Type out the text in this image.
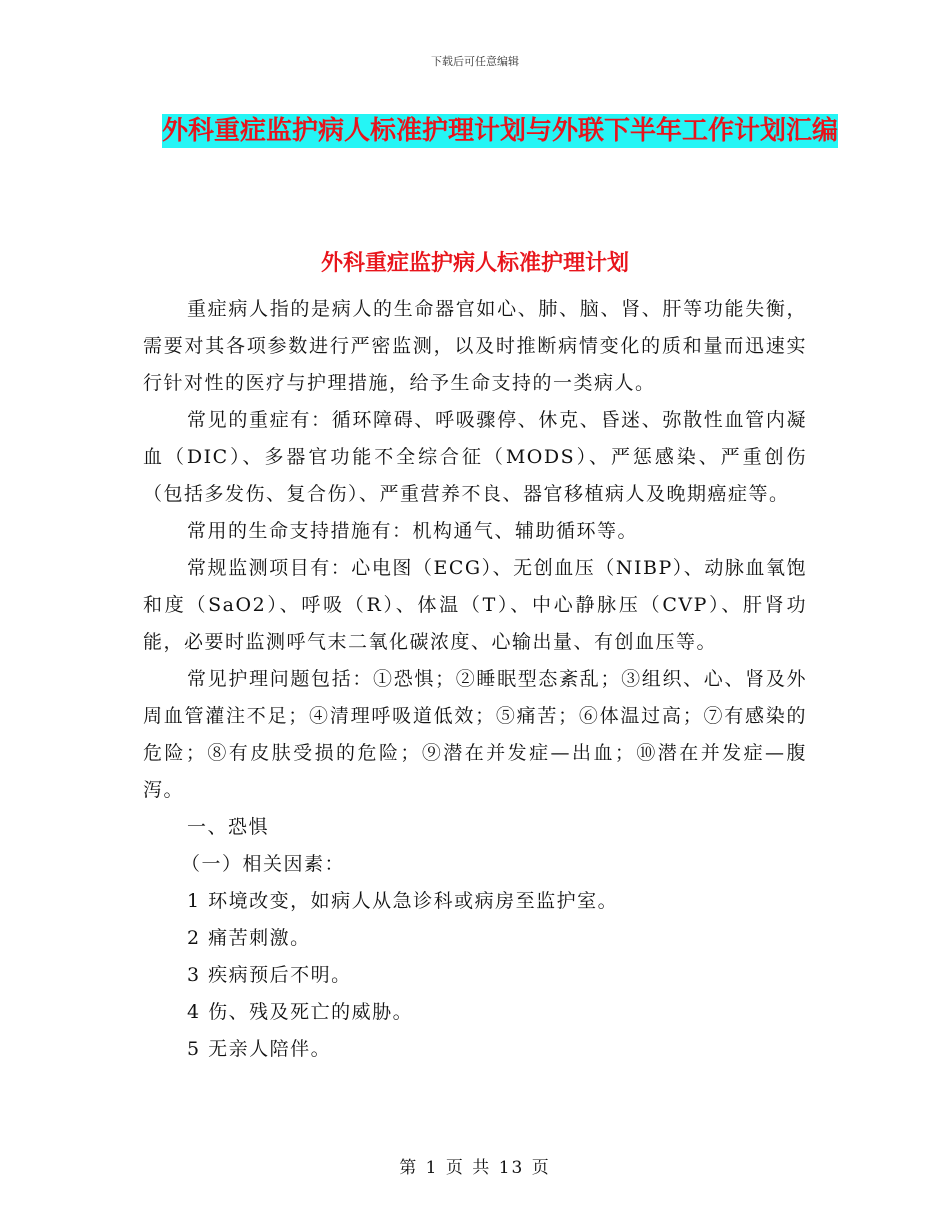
下载后可任意编辑
外科重症监护病人标准护理计划与外联下半年工作计划汇编
外科重症监护病人标准护理计划

重症病人指的是病人的生命器官如心、肺、脑、肾、肝等功能失衡，需要对其各项参数进行严密监测，以及时推断病情变化的质和量而迅速实行针对性的医疗与护理措施，给予生命支持的一类病人。

常见的重症有：循环障碍、呼吸骤停、休克、昏迷、弥散性血管内凝血（DIC）、多器官功能不全综合征（MODS）、严惩感染、严重创伤（包括多发伤、复合伤）、严重营养不良、器官移植病人及晚期癌症等。

常用的生命支持措施有：机构通气、辅助循环等。

常规监测项目有：心电图（ECG）、无创血压（NIBP）、动脉血氧饱和度（SaO2）、呼吸（R）、体温（T）、中心静脉压（CVP）、肝肾功能，必要时监测呼气末二氧化碳浓度、心输出量、有创血压等。

常见护理问题包括：①恐惧；②睡眠型态紊乱；③组织、心、肾及外周血管灌注不足；④清理呼吸道低效；⑤痛苦；⑥体温过高；⑦有感染的危险；⑧有皮肤受损的危险；⑨潜在并发症—出血；⑩潜在并发症—腹泻。

一、恐惧

（一）相关因素：

1 环境改变，如病人从急诊科或病房至监护室。

2 痛苦刺激。

3 疾病预后不明。

4 伤、残及死亡的威胁。

5 无亲人陪伴。

第 1 页 共 13 页
